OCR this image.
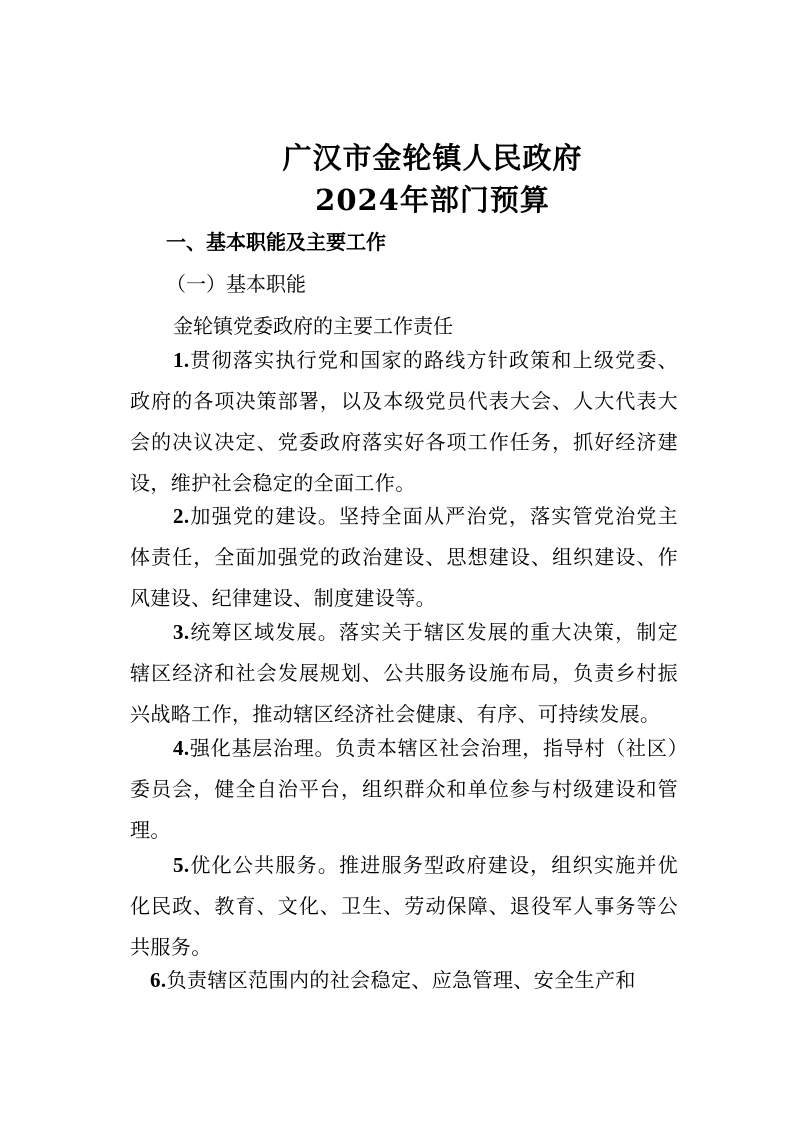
广汉市金轮镇人民政府
2024年部门预算
一、基本职能及主要工作
（一）基本职能
金轮镇党委政府的主要工作责任

1.贯彻落实执行党和国家的路线方针政策和上级党委、政府的各项决策部署，以及本级党员代表大会、人大代表大会的决议决定、党委政府落实好各项工作任务，抓好经济建设，维护社会稳定的全面工作。

2.加强党的建设。坚持全面从严治党，落实管党治党主体责任，全面加强党的政治建设、思想建设、组织建设、作风建设、纪律建设、制度建设等。

3.统筹区域发展。落实关于辖区发展的重大决策，制定辖区经济和社会发展规划、公共服务设施布局，负责乡村振兴战略工作，推动辖区经济社会健康、有序、可持续发展。

4.强化基层治理。负责本辖区社会治理，指导村（社区）委员会，健全自治平台，组织群众和单位参与村级建设和管理。

5.优化公共服务。推进服务型政府建设，组织实施并优化民政、教育、文化、卫生、劳动保障、退役军人事务等公共服务。

6.负责辖区范围内的社会稳定、应急管理、安全生产和
